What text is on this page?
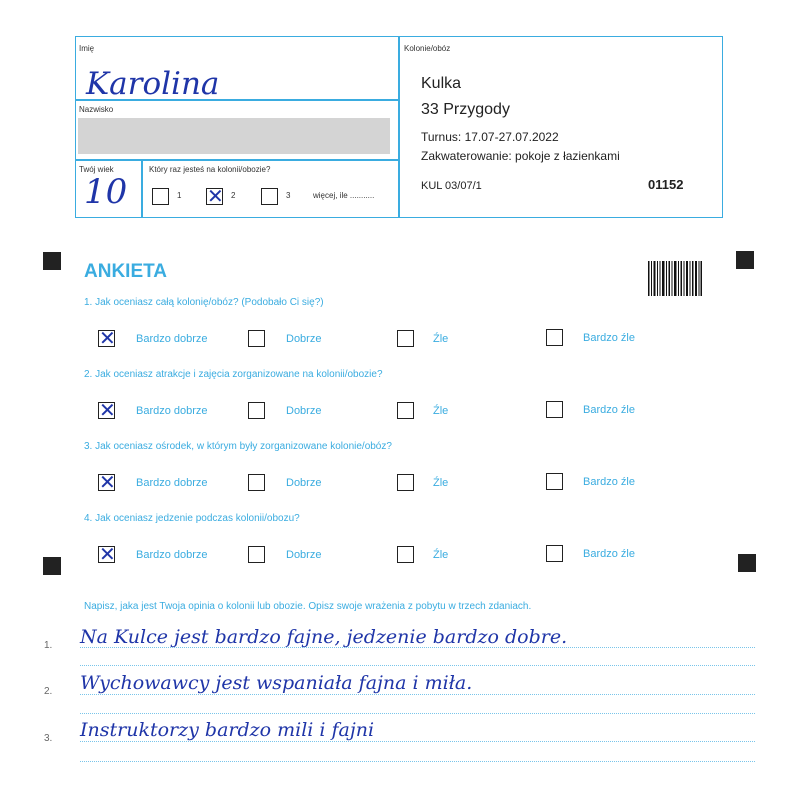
Imię
Karolina
Nazwisko
Twój wiek
10
Który raz jesteś na kolonii/obozie?
1 ✕ 2	3	więcej, ile ...........
Kolonie/obóz
Kulka
33 Przygody
Turnus: 17.07-27.07.2022
Zakwaterowanie: pokoje z łazienkami
KUL 03/07/1	01152
ANKIETA
1. Jak oceniasz całą kolonię/obóz? (Podobało Ci się?)
✕ Bardzo dobrze	Dobrze	Źle	Bardzo źle
2. Jak oceniasz atrakcje i zajęcia zorganizowane na kolonii/obozie?
✕ Bardzo dobrze	Dobrze	Źle	Bardzo źle
3. Jak oceniasz ośrodek, w którym były zorganizowane kolonie/obóz?
✕ Bardzo dobrze	Dobrze	Źle	Bardzo źle
4. Jak oceniasz jedzenie podczas kolonii/obozu?
✕ Bardzo dobrze	Dobrze	Źle	Bardzo źle
Napisz, jaka jest Twoja opinia o kolonii lub obozie. Opisz swoje wrażenia z pobytu w trzech zdaniach.
1. Na Kulce jest bardzo fajne, jedzenie bardzo dobre.
2. Wychowawcy jest wspaniała fajna i miła.
3. Instruktorzy bardzo mili i fajni
